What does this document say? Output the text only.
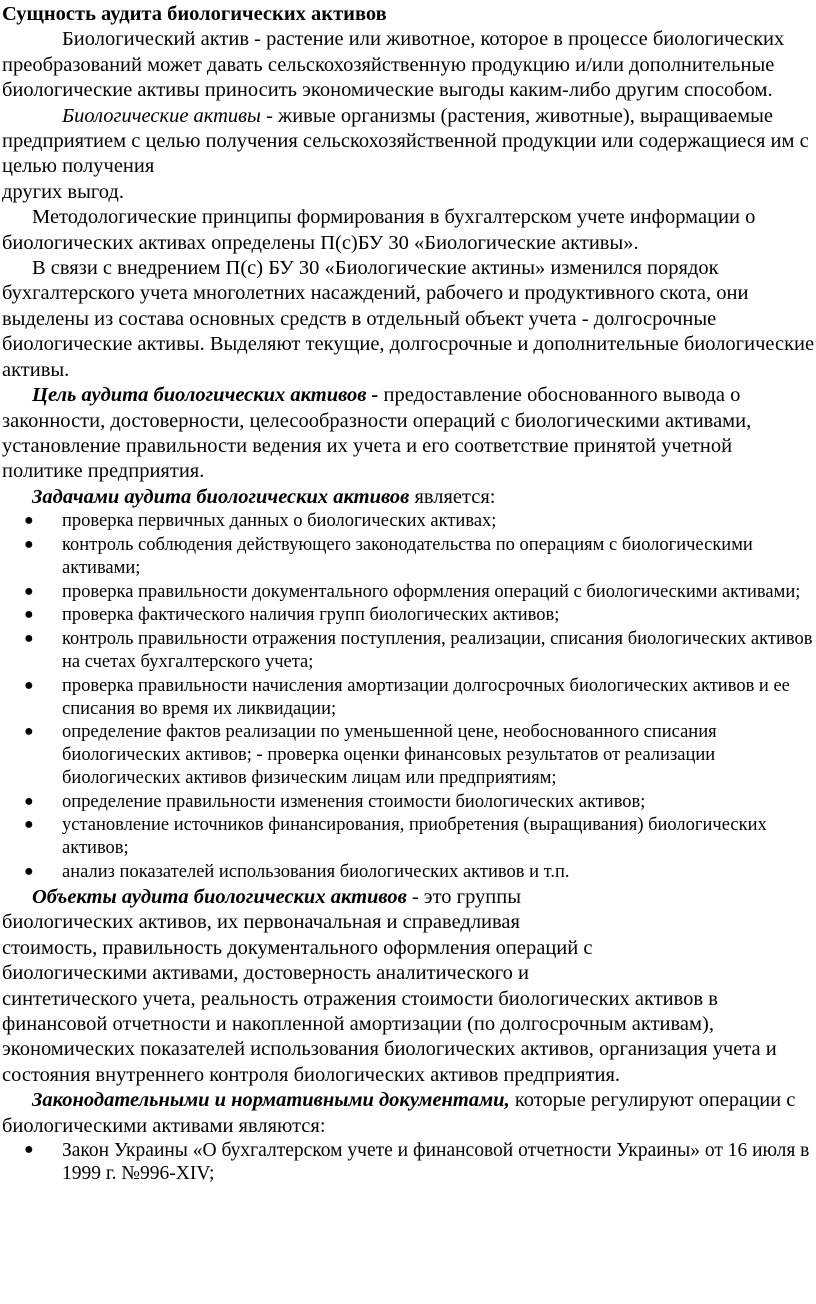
Сущность аудита биологических активов

Биологический актив - растение или животное, которое в процессе биологических преобразований может давать сельскохозяйственную продукцию и/или дополнительные биологические активы приносить экономические выгоды каким-либо другим способом.

Биологические активы - живые организмы (растения, животные), выращиваемые предприятием с целью получения сельскохозяйственной продукции или содержащиеся им с целью получения
других выгод.

Методологические принципы формирования в бухгалтерском учете информации о биологических активах определены П(с)БУ 30 «Биологические активы».

В связи с внедрением П(с) БУ 30 «Биологические актины» изменился порядок бухгалтерского учета многолетних насаждений, рабочего и продуктивного скота, они выделены из состава основных средств в отдельный объект учета - долгосрочные биологические активы. Выделяют текущие, долгосрочные и дополнительные биологические активы.

Цель аудита биологических активов - предоставление обоснованного вывода о законности, достоверности, целесообразности операций с биологическими активами, установление правильности ведения их учета и его соответствие принятой учетной политике предприятия.

Задачами аудита биологических активов является:

● проверка первичных данных о биологических активах;
● контроль соблюдения действующего законодательства по операциям с биологическими активами;
● проверка правильности документального оформления операций с биологическими активами;
● проверка фактического наличия групп биологических активов;
● контроль правильности отражения поступления, реализации, списания биологических активов на счетах бухгалтерского учета;
● проверка правильности начисления амортизации долгосрочных биологических активов и ее списания во время их ликвидации;
● определение фактов реализации по уменьшенной цене, необоснованного списания биологических активов; - проверка оценки финансовых результатов от реализации биологических активов физическим лицам или предприятиям;
● определение правильности изменения стоимости биологических активов;
● установление источников финансирования, приобретения (выращивания) биологических активов;
● анализ показателей использования биологических активов и т.п.

Объекты аудита биологических активов - это группы
биологических активов, их первоначальная и справедливая
стоимость, правильность документального оформления операций с
биологическими активами, достоверность аналитического и
синтетического учета, реальность отражения стоимости биологических активов в финансовой отчетности и накопленной амортизации (по долгосрочным активам), экономических показателей использования биологических активов, организация учета и состояния внутреннего контроля биологических активов предприятия.

Законодательными и нормативными документами, которые регулируют операции с биологическими активами являются:

● Закон Украины «О бухгалтерском учете и финансовой отчетности Украины» от 16 июля в 1999 г. №996-XIV;
